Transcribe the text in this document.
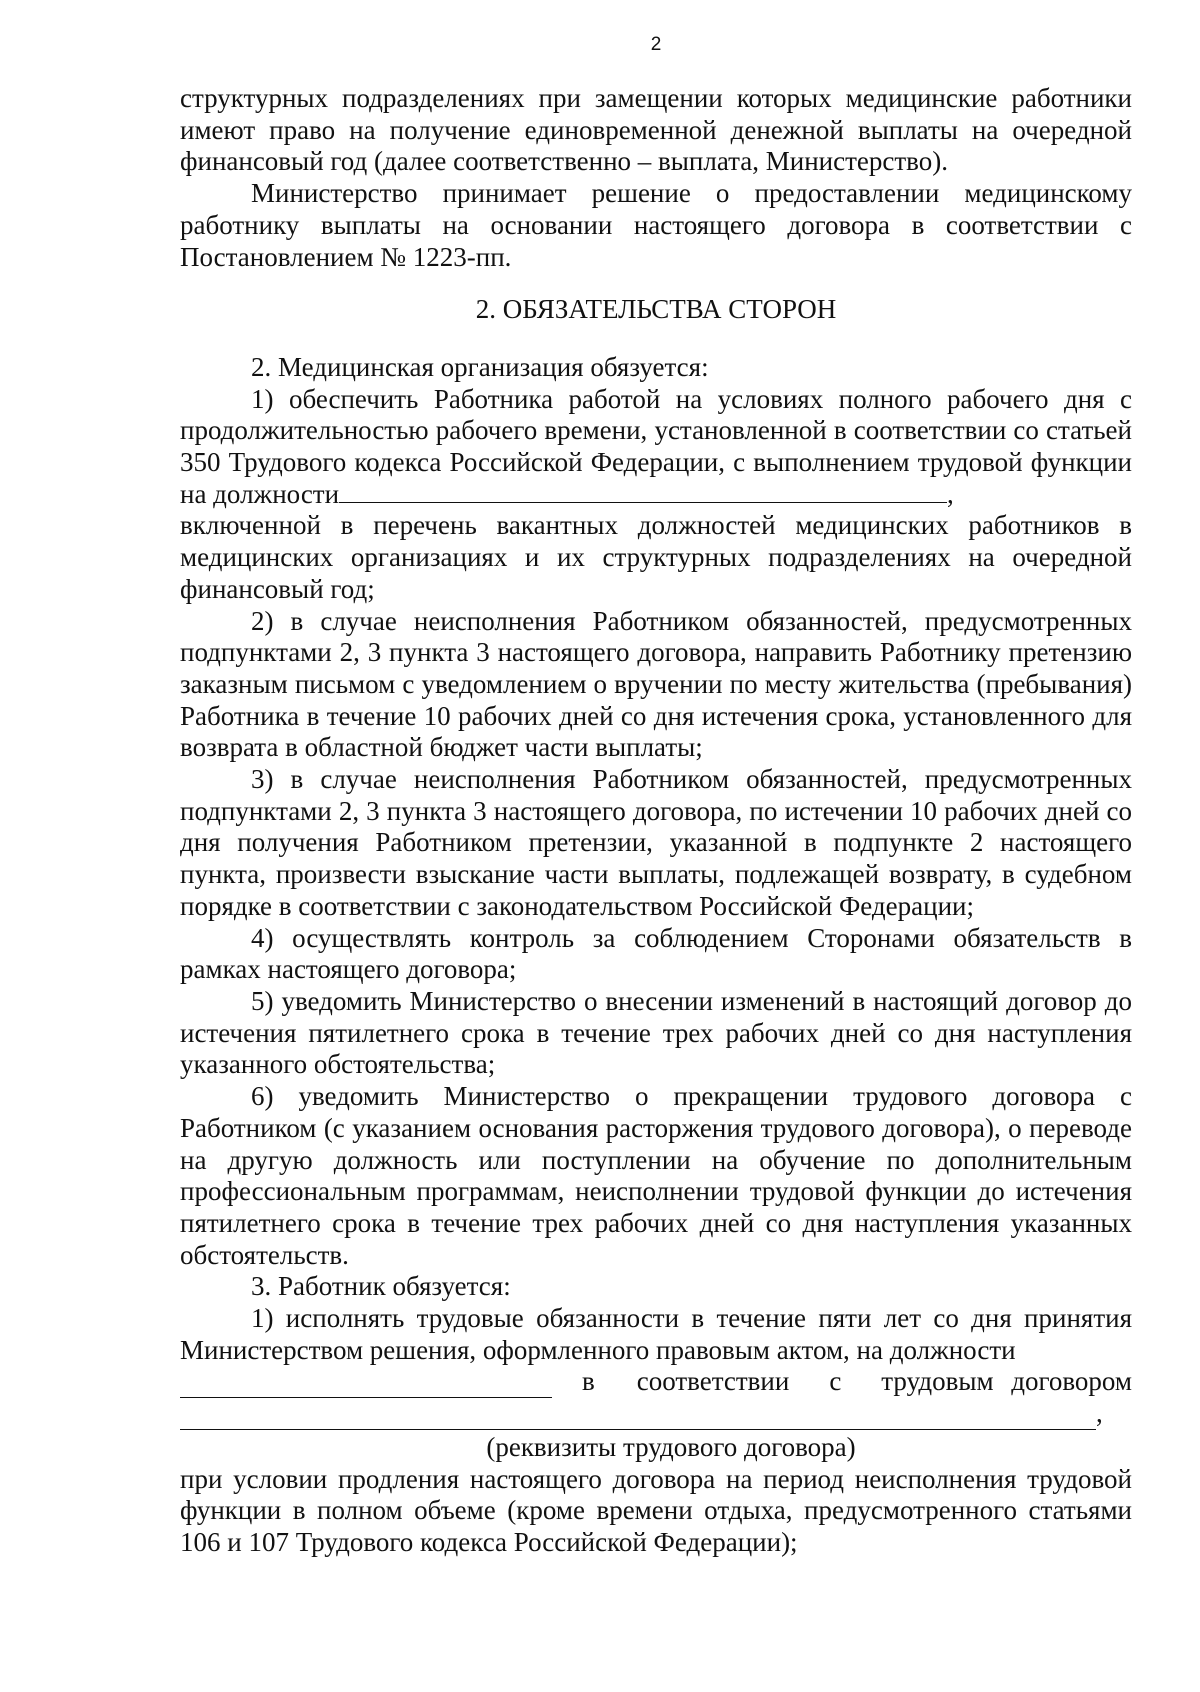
2

структурных подразделениях при замещении которых медицинские работники имеют право на получение единовременной денежной выплаты на очередной финансовый год (далее соответственно – выплата, Министерство).

Министерство принимает решение о предоставлении медицинскому работнику выплаты на основании настоящего договора в соответствии с Постановлением № 1223-пп.

2. ОБЯЗАТЕЛЬСТВА СТОРОН

2. Медицинская организация обязуется:

1) обеспечить Работника работой на условиях полного рабочего дня с продолжительностью рабочего времени, установленной в соответствии со статьей 350 Трудового кодекса Российской Федерации, с выполнением трудовой функции на должности	,

включенной в перечень вакантных должностей медицинских работников в медицинских организациях и их структурных подразделениях на очередной финансовый год;

2) в случае неисполнения Работником обязанностей, предусмотренных подпунктами 2, 3 пункта 3 настоящего договора, направить Работнику претензию заказным письмом с уведомлением о вручении по месту жительства (пребывания) Работника в течение 10 рабочих дней со дня истечения срока, установленного для возврата в областной бюджет части выплаты;

3) в случае неисполнения Работником обязанностей, предусмотренных подпунктами 2, 3 пункта 3 настоящего договора, по истечении 10 рабочих дней со дня получения Работником претензии, указанной в подпункте 2 настоящего пункта, произвести взыскание части выплаты, подлежащей возврату, в судебном порядке в соответствии с законодательством Российской Федерации;

4) осуществлять контроль за соблюдением Сторонами обязательств в рамках настоящего договора;

5) уведомить Министерство о внесении изменений в настоящий договор до истечения пятилетнего срока в течение трех рабочих дней со дня наступления указанного обстоятельства;

6) уведомить Министерство о прекращении трудового договора с Работником (с указанием основания расторжения трудового договора), о переводе на другую должность или поступлении на обучение по дополнительным профессиональным программам, неисполнении трудовой функции до истечения пятилетнего срока в течение трех рабочих дней со дня наступления указанных обстоятельств.

3. Работник обязуется:

1) исполнять трудовые обязанности в течение пяти лет со дня принятия Министерством решения, оформленного правовым актом, на должности

в соответствии с трудовым договором
,

(реквизиты трудового договора)

при условии продления настоящего договора на период неисполнения трудовой функции в полном объеме (кроме времени отдыха, предусмотренного статьями 106 и 107 Трудового кодекса Российской Федерации);
